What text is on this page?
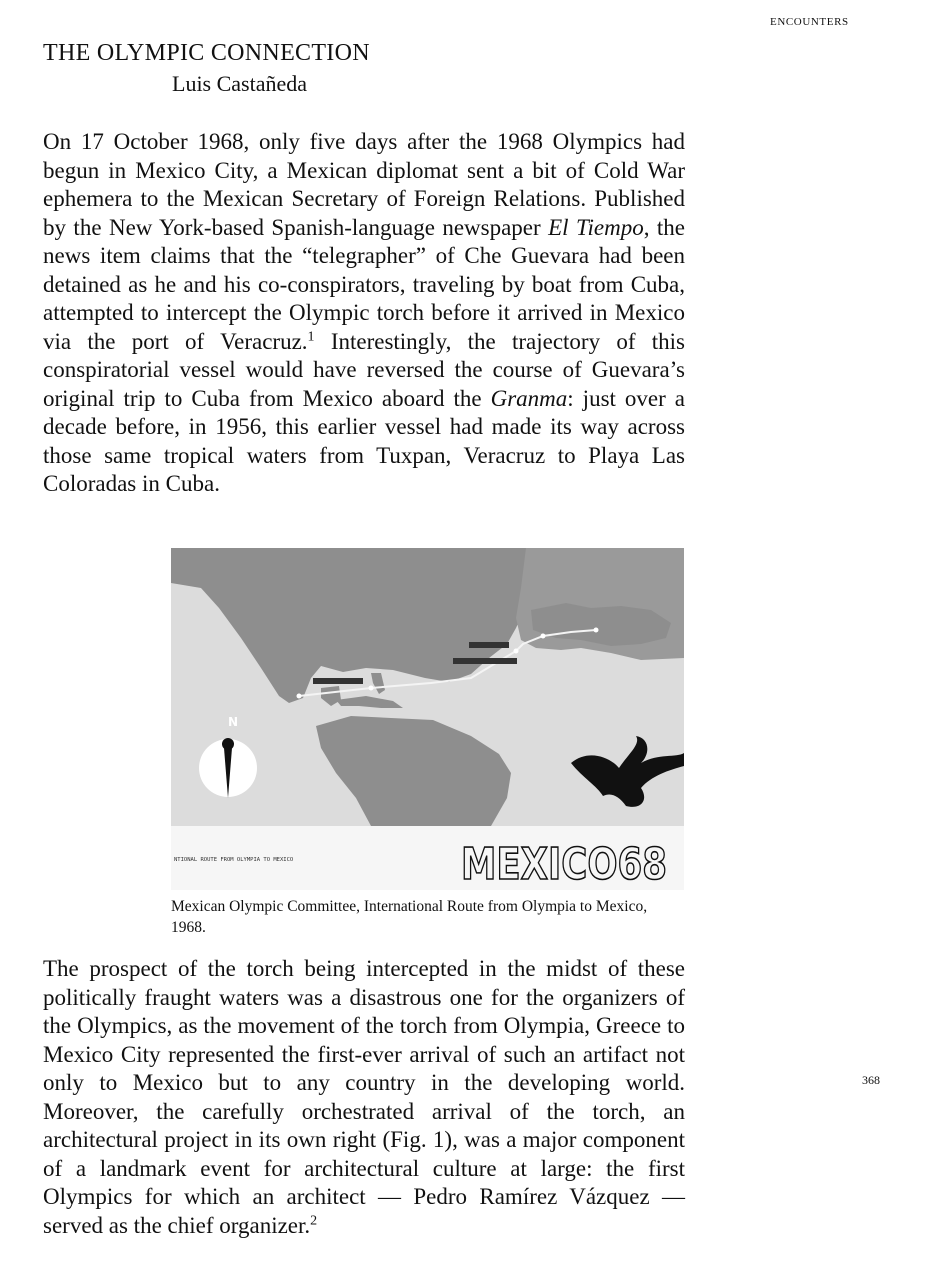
ENCOUNTERS
THE OLYMPIC CONNECTION
Luis Castañeda

On 17 October 1968, only five days after the 1968 Olympics had begun in Mexico City, a Mexican diplomat sent a bit of Cold War ephemera to the Mexican Secretary of Foreign Relations. Published by the New York-based Spanish-language newspaper El Tiempo, the news item claims that the “telegrapher” of Che Guevara had been detained as he and his co-conspirators, traveling by boat from Cuba, attempted to intercept the Olympic torch before it arrived in Mexico via the port of Veracruz.$^1$ Interestingly, the trajectory of this conspiratorial vessel would have reversed the course of Guevara’s original trip to Cuba from Mexico aboard the Granma: just over a decade before, in 1956, this earlier vessel had made its way across those same tropical waters from Tuxpan, Veracruz to Playa Las Coloradas in Cuba.

N
NTIONAL ROUTE FROM OLYMPIA TO MEXICO	MEXICO68

Mexican Olympic Committee, International Route from Olympia to Mexico, 1968.

The prospect of the torch being intercepted in the midst of these politically fraught waters was a disastrous one for the organizers of the Olympics, as the movement of the torch from Olympia, Greece to Mexico City represented the first-ever arrival of such an artifact not only to Mexico but to any country in the developing world. Moreover, the carefully orchestrated arrival of the torch, an architectural project in its own right (Fig. 1), was a major component of a landmark event for architectural culture at large: the first Olympics for which an architect — Pedro Ramírez Vázquez — served as the chief organizer.$^2$

368
